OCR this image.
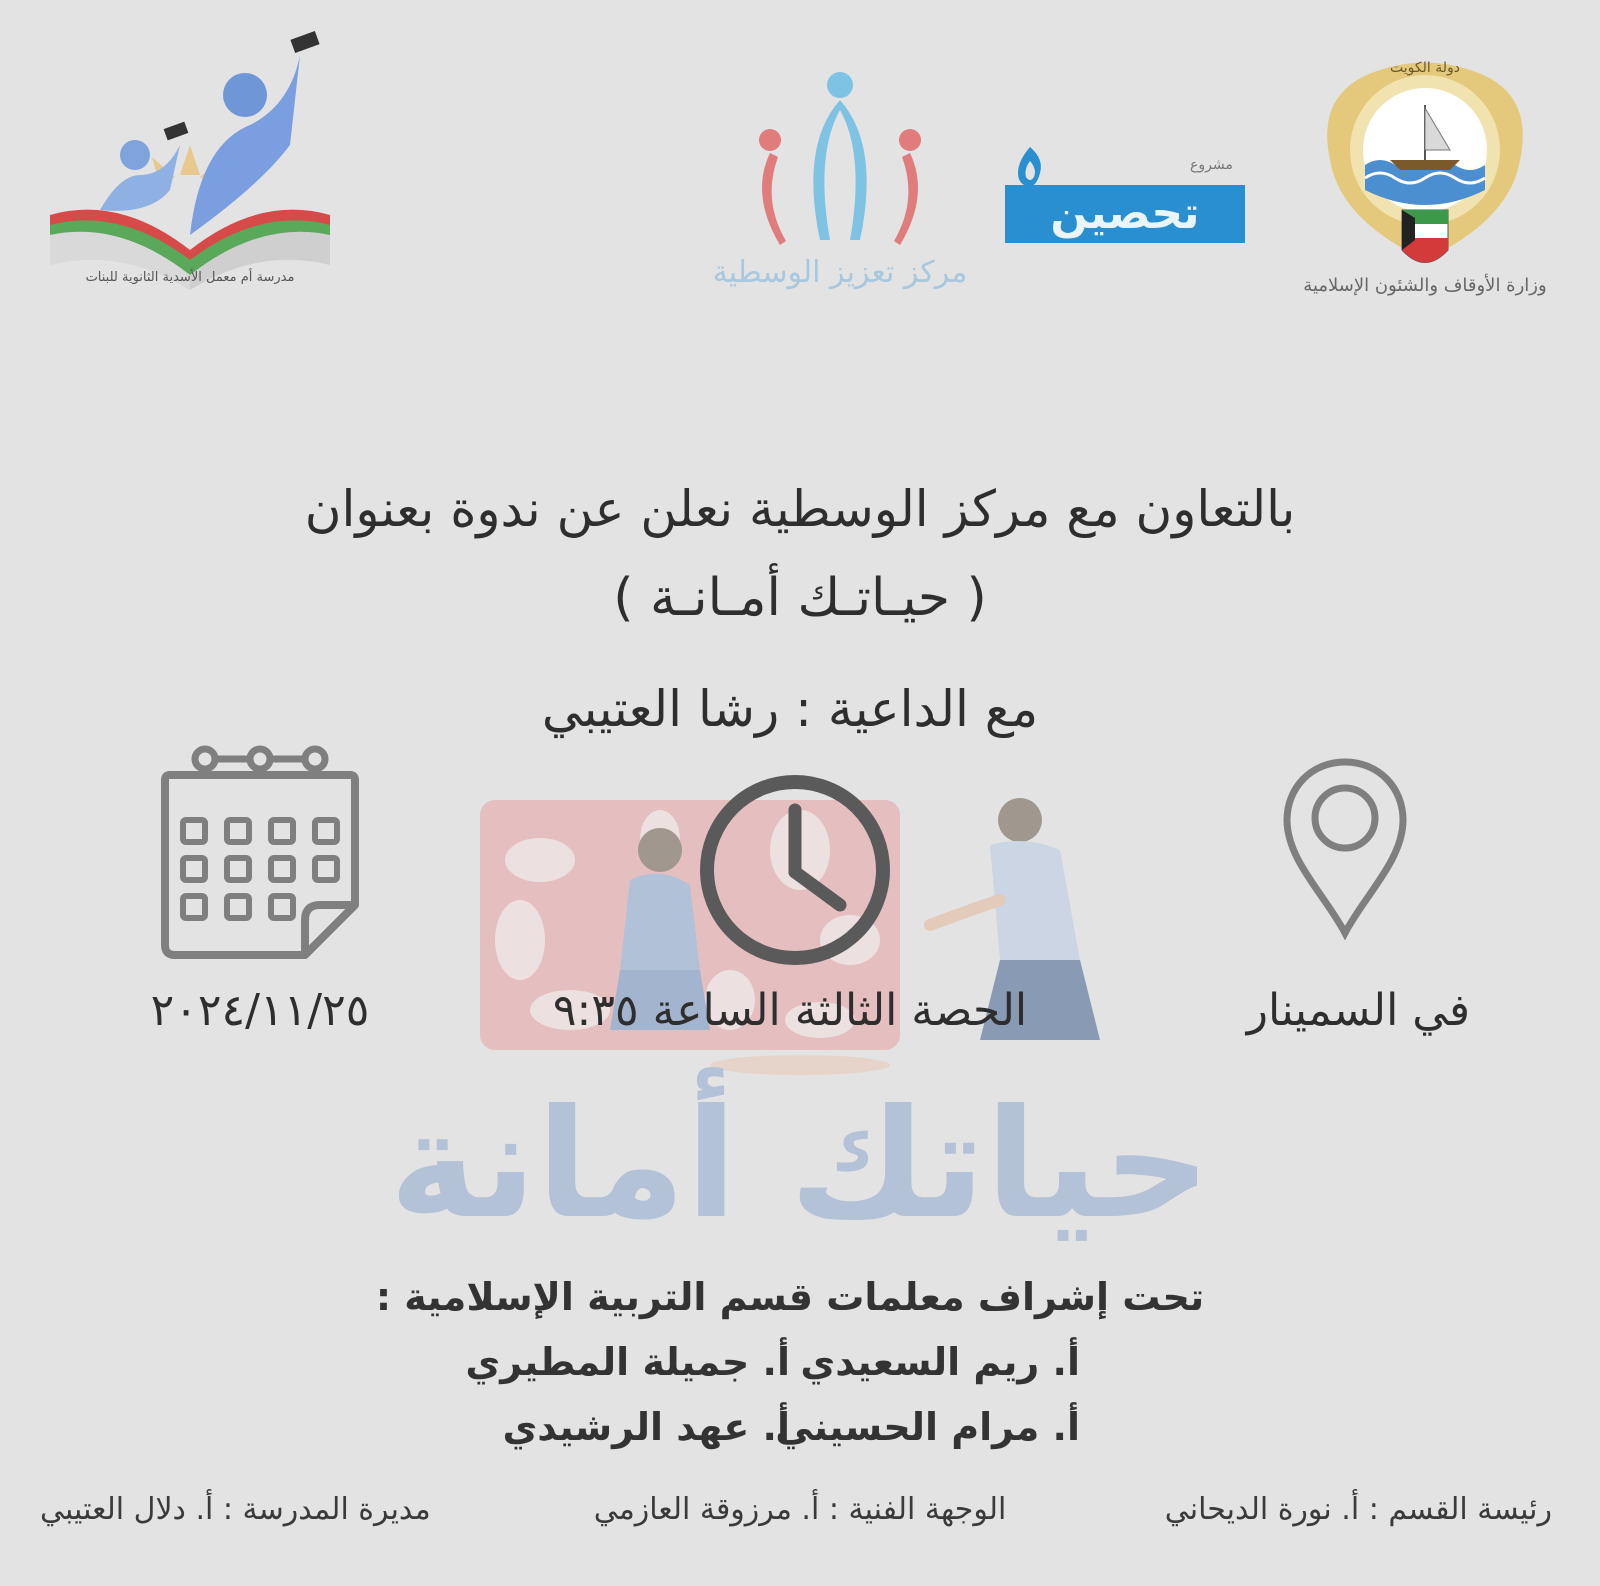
مدرسة أم معمل الأسدية الثانوية للبنات	مركز تعزيز الوسطية
مشروع
تحصين
دولة الكويت
وزارة الأوقاف والشئون الإسلامية
بالتعاون مع مركز الوسطية نعلن عن ندوة بعنوان
( حيـاتـك أمـانـة )
مع الداعية : رشا العتيبي
في السمينار
الحصة الثالثة الساعة ٩:٣٥
٢٠٢٤/١١/٢٥
حياتك أمانة
تحت إشراف معلمات قسم التربية الإسلامية :
أ. ريم السعيدي
أ. جميلة المطيري
أ. مرام الحسيني
أ. عهد الرشيدي
رئيسة القسم : أ. نورة الديحاني
الوجهة الفنية : أ. مرزوقة العازمي
مديرة المدرسة : أ. دلال العتيبي
